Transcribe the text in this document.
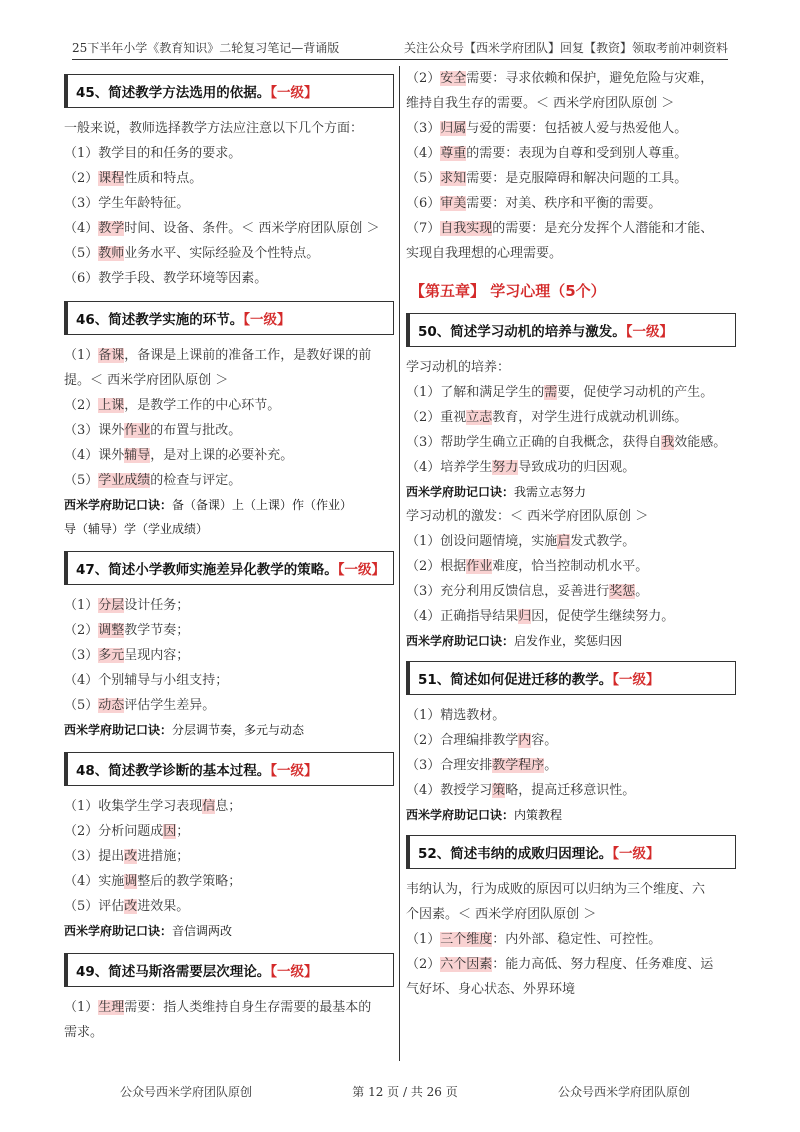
25下半年小学《教育知识》二轮复习笔记—背诵版	关注公众号【西米学府团队】回复【教资】领取考前冲刺资料
45、简述教学方法选用的依据。【一级】
一般来说，教师选择教学方法应注意以下几个方面：
（1）教学目的和任务的要求。
（2）课程性质和特点。
（3）学生年龄特征。
（4）教学时间、设备、条件。＜ 西米学府团队原创 ＞
（5）教师业务水平、实际经验及个性特点。
（6）教学手段、教学环境等因素。
46、简述教学实施的环节。【一级】
（1）备课，备课是上课前的准备工作，是教好课的前
提。＜ 西米学府团队原创 ＞
（2）上课，是教学工作的中心环节。
（3）课外作业的布置与批改。
（4）课外辅导，是对上课的必要补充。
（5）学业成绩的检查与评定。
西米学府助记口诀：备（备课）上（上课）作（作业）
导（辅导）学（学业成绩）
47、简述小学教师实施差异化教学的策略。【一级】
（1）分层设计任务；
（2）调整教学节奏；
（3）多元呈现内容；
（4）个别辅导与小组支持；
（5）动态评估学生差异。
西米学府助记口诀：分层调节奏，多元与动态
48、简述教学诊断的基本过程。【一级】
（1）收集学生学习表现信息；
（2）分析问题成因；
（3）提出改进措施；
（4）实施调整后的教学策略；
（5）评估改进效果。
西米学府助记口诀：音信调两改
49、简述马斯洛需要层次理论。【一级】
（1）生理需要：指人类维持自身生存需要的最基本的
需求。
（2）安全需要：寻求依赖和保护，避免危险与灾难，
维持自我生存的需要。＜ 西米学府团队原创 ＞
（3）归属与爱的需要：包括被人爱与热爱他人。
（4）尊重的需要：表现为自尊和受到别人尊重。
（5）求知需要：是克服障碍和解决问题的工具。
（6）审美需要：对美、秩序和平衡的需要。
（7）自我实现的需要：是充分发挥个人潜能和才能、
实现自我理想的心理需要。
【第五章】 学习心理（5个）
50、简述学习动机的培养与激发。【一级】
学习动机的培养：
（1）了解和满足学生的需要，促使学习动机的产生。
（2）重视立志教育，对学生进行成就动机训练。
（3）帮助学生确立正确的自我概念，获得自我效能感。
（4）培养学生努力导致成功的归因观。
西米学府助记口诀：我需立志努力
学习动机的激发：＜ 西米学府团队原创 ＞
（1）创设问题情境，实施启发式教学。
（2）根据作业难度，恰当控制动机水平。
（3）充分利用反馈信息，妥善进行奖惩。
（4）正确指导结果归因，促使学生继续努力。
西米学府助记口诀：启发作业，奖惩归因
51、简述如何促进迁移的教学。【一级】
（1）精选教材。
（2）合理编排教学内容。
（3）合理安排教学程序。
（4）教授学习策略，提高迁移意识性。
西米学府助记口诀：内策教程
52、简述韦纳的成败归因理论。【一级】
韦纳认为，行为成败的原因可以归纳为三个维度、六
个因素。＜ 西米学府团队原创 ＞
（1）三个维度：内外部、稳定性、可控性。
（2）六个因素：能力高低、努力程度、任务难度、运
气好坏、身心状态、外界环境
公众号西米学府团队原创	第 12 页 / 共 26 页	公众号西米学府团队原创
